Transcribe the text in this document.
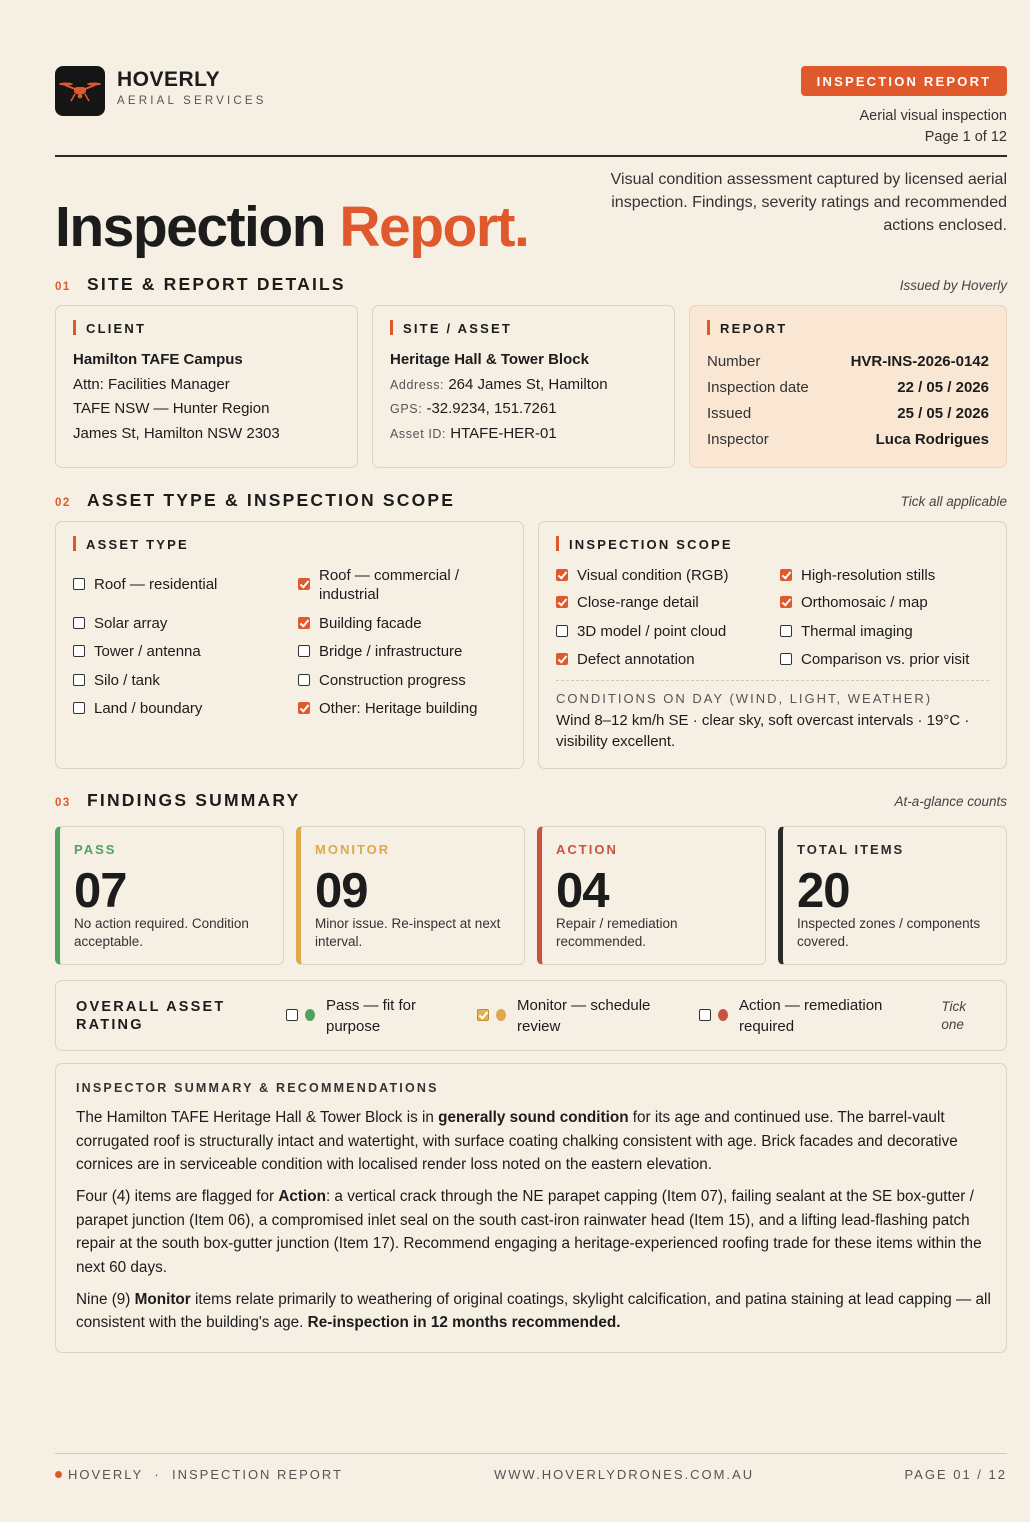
HOVERLY
AERIAL SERVICES
INSPECTION REPORT
Aerial visual inspection
Page 1 of 12
Inspection Report.
Visual condition assessment captured by licensed aerial inspection. Findings, severity ratings and recommended actions enclosed.
01 SITE & REPORT DETAILS	Issued by Hoverly
CLIENT
Hamilton TAFE Campus
Attn: Facilities Manager
TAFE NSW — Hunter Region
James St, Hamilton NSW 2303
SITE / ASSET
Heritage Hall & Tower Block
Address: 264 James St, Hamilton
GPS: -32.9234, 151.7261
Asset ID: HTAFE-HER-01
REPORT
Number	HVR-INS-2026-0142
Inspection date	22 / 05 / 2026
Issued	25 / 05 / 2026
Inspector	Luca Rodrigues
02 ASSET TYPE & INSPECTION SCOPE	Tick all applicable
ASSET TYPE
Roof — residential
Roof — commercial / industrial
Solar array	Building facade
Tower / antenna	Bridge / infrastructure
Silo / tank	Construction progress
Land / boundary	Other: Heritage building
INSPECTION SCOPE
Visual condition (RGB)	High-resolution stills
Close-range detail	Orthomosaic / map
3D model / point cloud	Thermal imaging
Defect annotation	Comparison vs. prior visit
CONDITIONS ON DAY (WIND, LIGHT, WEATHER)
Wind 8–12 km/h SE · clear sky, soft overcast intervals · 19°C · visibility excellent.
03 FINDINGS SUMMARY	At-a-glance counts
PASS
07
No action required. Condition acceptable.
MONITOR
09
Minor issue. Re-inspect at next interval.
ACTION
04
Repair / remediation recommended.
TOTAL ITEMS
20
Inspected zones / components covered.
OVERALL ASSET
RATING
Pass — fit for
purpose
Monitor — schedule
review
Action — remediation
required
Tick
one
INSPECTOR SUMMARY & RECOMMENDATIONS

The Hamilton TAFE Heritage Hall & Tower Block is in generally sound condition for its age and continued use. The barrel-vault corrugated roof is structurally intact and watertight, with surface coating chalking consistent with age. Brick facades and decorative cornices are in serviceable condition with localised render loss noted on the eastern elevation.

Four (4) items are flagged for Action: a vertical crack through the NE parapet capping (Item 07), failing sealant at the SE box-gutter / parapet junction (Item 06), a compromised inlet seal on the south cast-iron rainwater head (Item 15), and a lifting lead-flashing patch repair at the south box-gutter junction (Item 17). Recommend engaging a heritage-experienced roofing trade for these items within the next 60 days.

Nine (9) Monitor items relate primarily to weathering of original coatings, skylight calcification, and patina staining at lead capping — all consistent with the building's age. Re-inspection in 12 months recommended.

HOVERLY · INSPECTION REPORT	WWW.HOVERLYDRONES.COM.AU	PAGE 01 / 12
